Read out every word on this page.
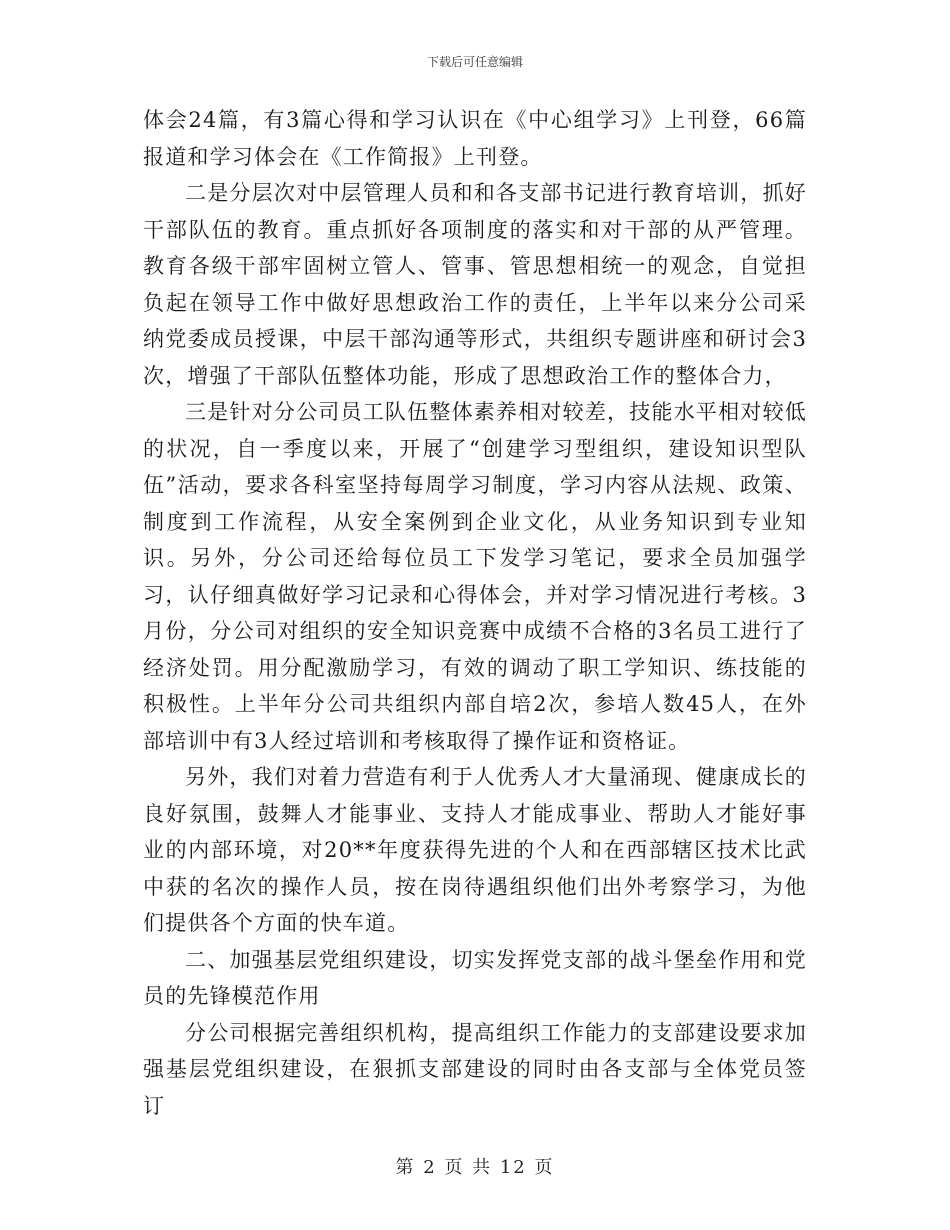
下载后可任意编辑

体会24篇，有3篇心得和学习认识在《中心组学习》上刊登，66篇报道和学习体会在《工作简报》上刊登。

二是分层次对中层管理人员和和各支部书记进行教育培训，抓好干部队伍的教育。重点抓好各项制度的落实和对干部的从严管理。教育各级干部牢固树立管人、管事、管思想相统一的观念，自觉担负起在领导工作中做好思想政治工作的责任，上半年以来分公司采纳党委成员授课，中层干部沟通等形式，共组织专题讲座和研讨会3次，增强了干部队伍整体功能，形成了思想政治工作的整体合力，

三是针对分公司员工队伍整体素养相对较差，技能水平相对较低的状况，自一季度以来，开展了“创建学习型组织，建设知识型队伍”活动，要求各科室坚持每周学习制度，学习内容从法规、政策、制度到工作流程，从安全案例到企业文化，从业务知识到专业知识。另外，分公司还给每位员工下发学习笔记，要求全员加强学习，认仔细真做好学习记录和心得体会，并对学习情况进行考核。3月份，分公司对组织的安全知识竞赛中成绩不合格的3名员工进行了经济处罚。用分配激励学习，有效的调动了职工学知识、练技能的积极性。上半年分公司共组织内部自培2次，参培人数45人，在外部培训中有3人经过培训和考核取得了操作证和资格证。

另外，我们对着力营造有利于人优秀人才大量涌现、健康成长的良好氛围，鼓舞人才能事业、支持人才能成事业、帮助人才能好事业的内部环境，对20**年度获得先进的个人和在西部辖区技术比武中获的名次的操作人员，按在岗待遇组织他们出外考察学习，为他们提供各个方面的快车道。

二、加强基层党组织建设，切实发挥党支部的战斗堡垒作用和党员的先锋模范作用

分公司根据完善组织机构，提高组织工作能力的支部建设要求加强基层党组织建设，在狠抓支部建设的同时由各支部与全体党员签订

第 2 页 共 12 页
